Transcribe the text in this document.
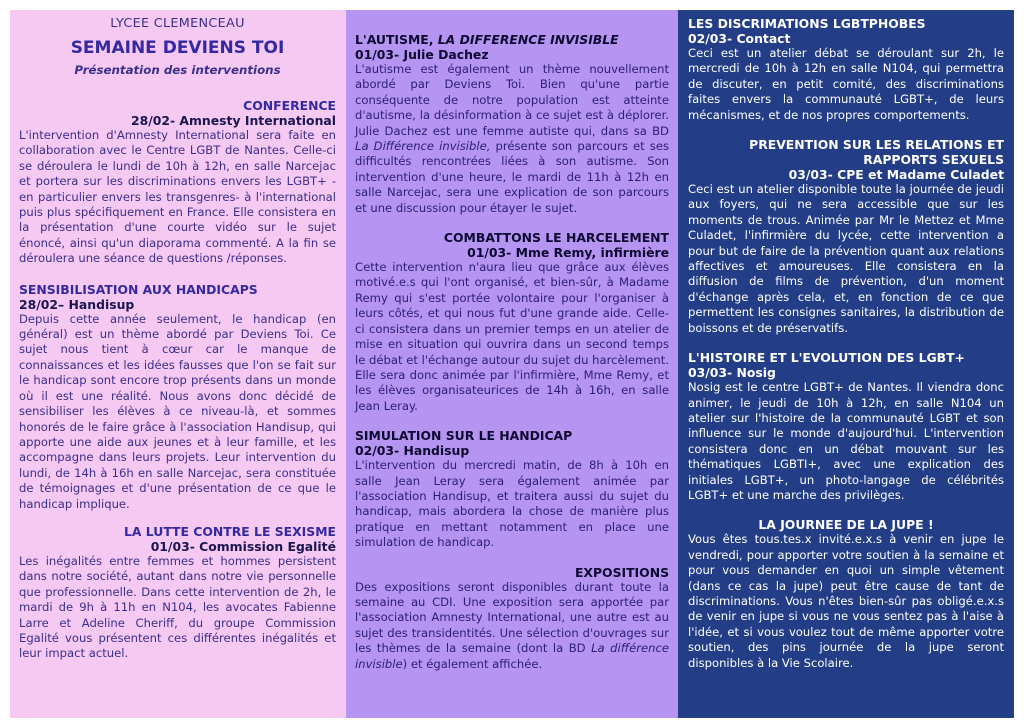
LYCEE CLEMENCEAU

SEMAINE DEVIENS TOI

Présentation des interventions

CONFERENCE

28/02- Amnesty International

L'intervention d'Amnesty International sera faite en collaboration avec le Centre LGBT de Nantes. Celle-ci se déroulera le lundi de 10h à 12h, en salle Narcejac et portera sur les discriminations envers les LGBT+ -en particulier envers les transgenres- à l'international puis plus spécifiquement en France. Elle consistera en la présentation d'une courte vidéo sur le sujet énoncé, ainsi qu'un diaporama commenté. A la fin se déroulera une séance de questions /réponses.

SENSIBILISATION AUX HANDICAPS

28/02– Handisup

Depuis cette année seulement, le handicap (en général) est un thème abordé par Deviens Toi. Ce sujet nous tient à cœur car le manque de connaissances et les idées fausses que l'on se fait sur le handicap sont encore trop présents dans un monde où il est une réalité. Nous avons donc décidé de sensibiliser les élèves à ce niveau-là, et sommes honorés de le faire grâce à l'association Handisup, qui apporte une aide aux jeunes et à leur famille, et les accompagne dans leurs projets. Leur intervention du lundi, de 14h à 16h en salle Narcejac, sera constituée de témoignages et d'une présentation de ce que le handicap implique.

LA LUTTE CONTRE LE SEXISME

01/03- Commission Egalité

Les inégalités entre femmes et hommes persistent dans notre société, autant dans notre vie personnelle que professionnelle. Dans cette intervention de 2h, le mardi de 9h à 11h en N104, les avocates Fabienne Larre et Adeline Cheriff, du groupe Commission Egalité vous présentent ces différentes inégalités et leur impact actuel.

L'AUTISME, LA DIFFERENCE INVISIBLE

01/03- Julie Dachez

L'autisme est également un thème nouvellement abordé par Deviens Toi. Bien qu'une partie conséquente de notre population est atteinte d'autisme, la désinformation à ce sujet est à déplorer. Julie Dachez est une femme autiste qui, dans sa BD La Différence invisible, présente son parcours et ses difficultés rencontrées liées à son autisme. Son intervention d'une heure, le mardi de 11h à 12h en salle Narcejac, sera une explication de son parcours et une discussion pour étayer le sujet.

COMBATTONS LE HARCELEMENT

01/03- Mme Remy, infirmière

Cette intervention n'aura lieu que grâce aux élèves motivé.e.s qui l'ont organisé, et bien-sûr, à Madame Remy qui s'est portée volontaire pour l'organiser à leurs côtés, et qui nous fut d'une grande aide. Celle-ci consistera dans un premier temps en un atelier de mise en situation qui ouvrira dans un second temps le débat et l'échange autour du sujet du harcèlement. Elle sera donc animée par l'infirmière, Mme Remy, et les élèves organisateurices de 14h à 16h, en salle Jean Leray.

SIMULATION SUR LE HANDICAP

02/03- Handisup

L'intervention du mercredi matin, de 8h à 10h en salle Jean Leray sera également animée par l'association Handisup, et traitera aussi du sujet du handicap, mais abordera la chose de manière plus pratique en mettant notamment en place une simulation de handicap.

EXPOSITIONS

Des expositions seront disponibles durant toute la semaine au CDI. Une exposition sera apportée par l'association Amnesty International, une autre est au sujet des transidentités. Une sélection d'ouvrages sur les thèmes de la semaine (dont la BD La différence invisible) et également affichée.

LES DISCRIMATIONS LGBTPHOBES

02/03- Contact

Ceci est un atelier débat se déroulant sur 2h, le mercredi de 10h à 12h en salle N104, qui permettra de discuter, en petit comité, des discriminations faites envers la communauté LGBT+, de leurs mécanismes, et de nos propres comportements.

PREVENTION SUR LES RELATIONS ET RAPPORTS SEXUELS

03/03- CPE et Madame Culadet

Ceci est un atelier disponible toute la journée de jeudi aux foyers, qui ne sera accessible que sur les moments de trous. Animée par Mr le Mettez et Mme Culadet, l'infirmière du lycée, cette intervention a pour but de faire de la prévention quant aux relations affectives et amoureuses. Elle consistera en la diffusion de films de prévention, d'un moment d'échange après cela, et, en fonction de ce que permettent les consignes sanitaires, la distribution de boissons et de préservatifs.

L'HISTOIRE ET L'EVOLUTION DES LGBT+

03/03- Nosig

Nosig est le centre LGBT+ de Nantes. Il viendra donc animer, le jeudi de 10h à 12h, en salle N104 un atelier sur l'histoire de la communauté LGBT et son influence sur le monde d'aujourd'hui. L'intervention consistera donc en un débat mouvant sur les thématiques LGBTI+, avec une explication des initiales LGBT+, un photo-langage de célébrités LGBT+ et une marche des privilèges.

LA JOURNEE DE LA JUPE !

Vous êtes tous.tes.x invité.e.x.s à venir en jupe le vendredi, pour apporter votre soutien à la semaine et pour vous demander en quoi un simple vêtement (dans ce cas la jupe) peut être cause de tant de discriminations. Vous n'êtes bien-sûr pas obligé.e.x.s de venir en jupe si vous ne vous sentez pas à l'aise à l'idée, et si vous voulez tout de même apporter votre soutien, des pins journée de la jupe seront disponibles à la Vie Scolaire.
